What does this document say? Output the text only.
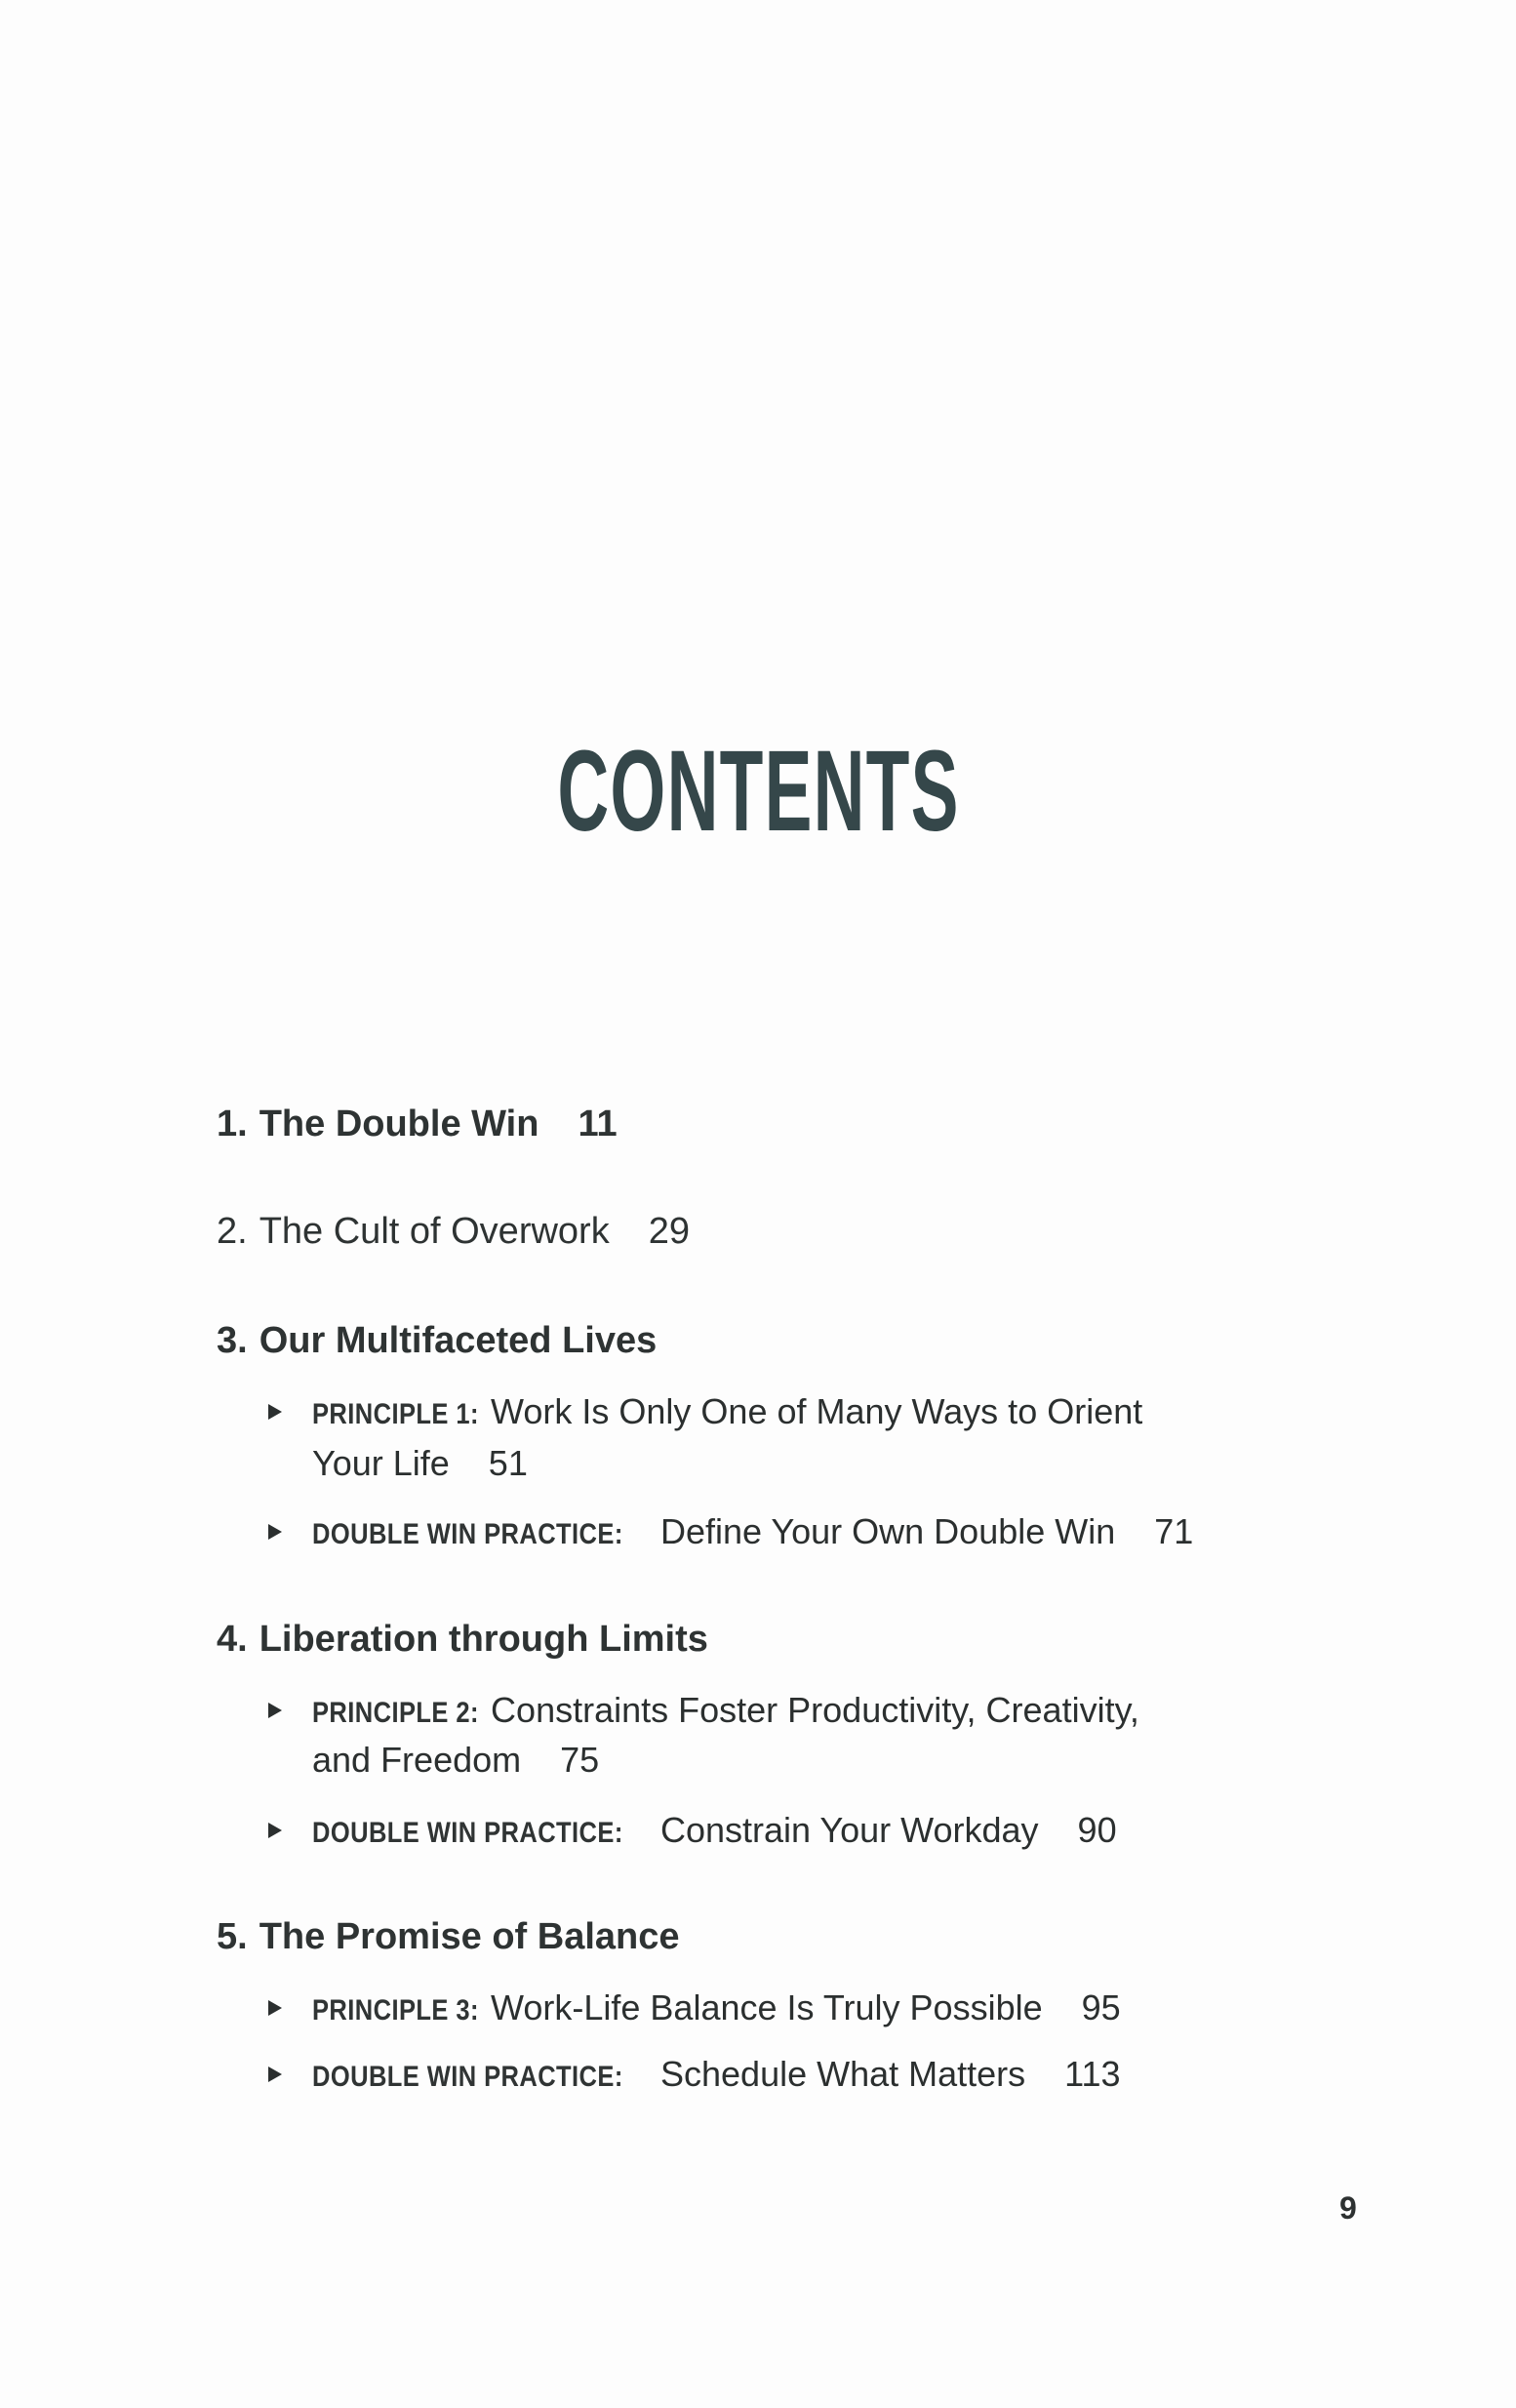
CONTENTS
1. The Double Win 11
2. The Cult of Overwork 29
3. Our Multifaceted Lives
PRINCIPLE 1: Work Is Only One of Many Ways to Orient
Your Life 51
DOUBLE WIN PRACTICE: Define Your Own Double Win 71
4. Liberation through Limits
PRINCIPLE 2: Constraints Foster Productivity, Creativity,
and Freedom 75
DOUBLE WIN PRACTICE: Constrain Your Workday 90
5. The Promise of Balance
PRINCIPLE 3: Work-Life Balance Is Truly Possible 95
DOUBLE WIN PRACTICE: Schedule What Matters 113
9
